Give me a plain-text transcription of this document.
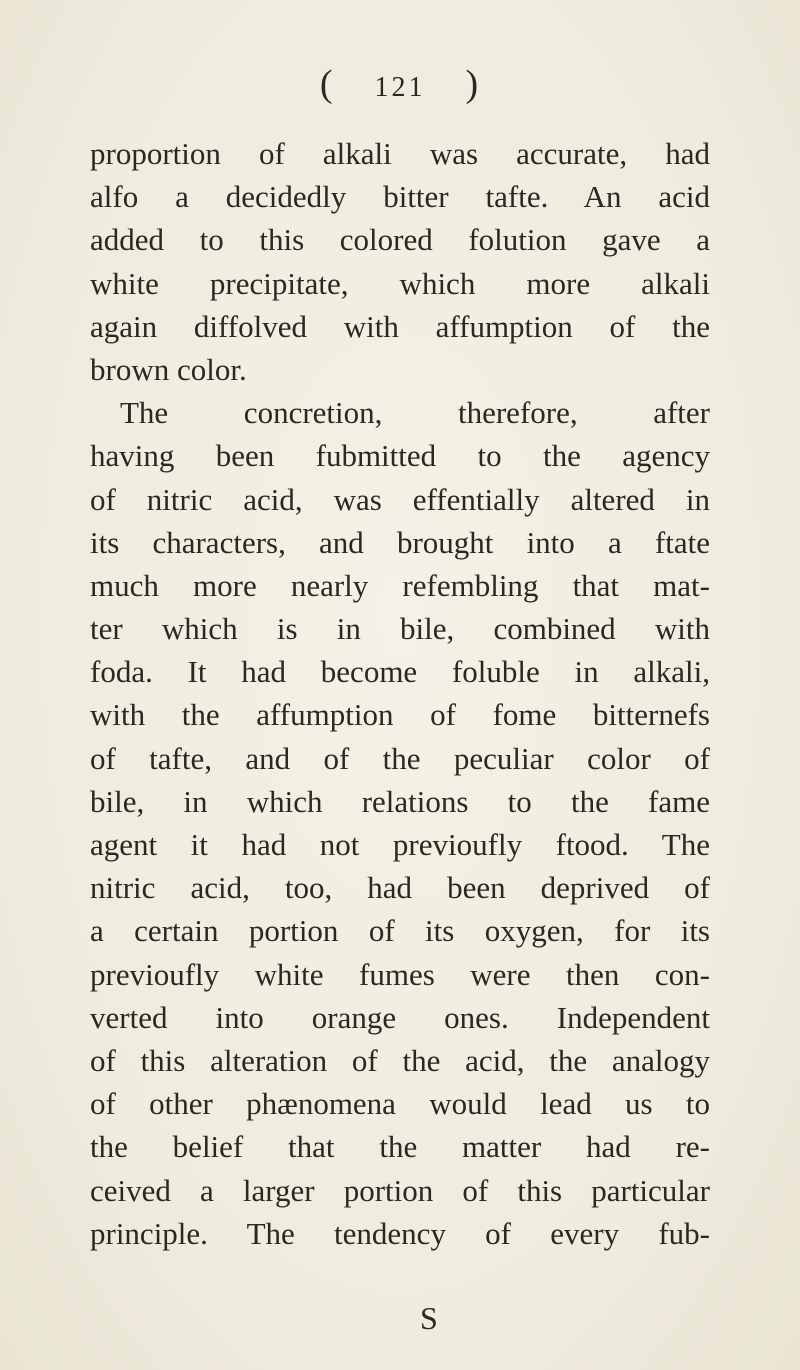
( 121 )
proportion of alkali was accurate, had
alfo a decidedly bitter tafte. An acid
added to this colored folution gave a
white precipitate, which more alkali
again diffolved with affumption of the
brown color.
The concretion, therefore, after
having been fubmitted to the agency
of nitric acid, was effentially altered in
its characters, and brought into a ftate
much more nearly refembling that mat-
ter which is in bile, combined with
foda. It had become foluble in alkali,
with the affumption of fome bitternefs
of tafte, and of the peculiar color of
bile, in which relations to the fame
agent it had not previoufly ftood. The
nitric acid, too, had been deprived of
a certain portion of its oxygen, for its
previoufly white fumes were then con-
verted into orange ones. Independent
of this alteration of the acid, the analogy
of other phænomena would lead us to
the belief that the matter had re-
ceived a larger portion of this particular
principle. The tendency of every fub-
S
